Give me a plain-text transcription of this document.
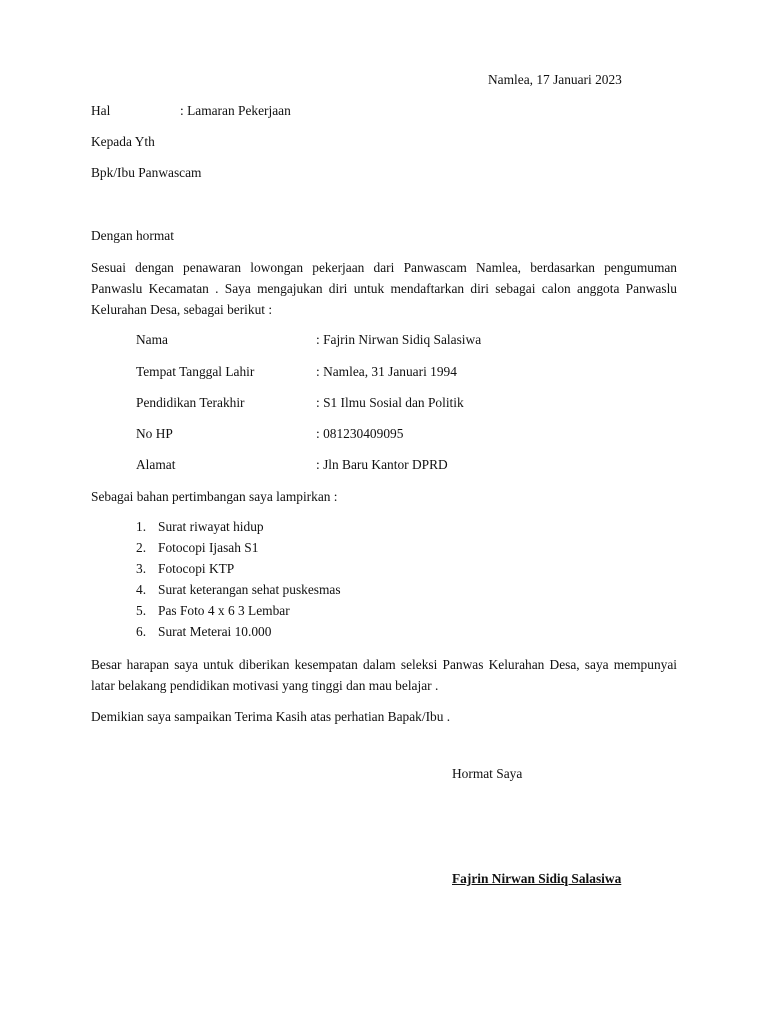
Namlea, 17 Januari 2023
Hal	: Lamaran Pekerjaan
Kepada Yth
Bpk/Ibu Panwascam
Dengan hormat
Sesuai dengan penawaran lowongan pekerjaan dari Panwascam Namlea, berdasarkan pengumuman Panwaslu Kecamatan . Saya mengajukan diri untuk mendaftarkan diri sebagai calon anggota Panwaslu Kelurahan Desa, sebagai berikut :
Nama	: Fajrin Nirwan Sidiq Salasiwa
Tempat Tanggal Lahir	: Namlea, 31 Januari 1994
Pendidikan Terakhir	: S1 Ilmu Sosial dan Politik
No HP	: 081230409095
Alamat	: Jln Baru Kantor DPRD
Sebagai bahan pertimbangan saya lampirkan :
1. Surat riwayat hidup
2. Fotocopi Ijasah S1
3. Fotocopi KTP
4. Surat keterangan sehat puskesmas
5. Pas Foto 4 x 6 3 Lembar
6. Surat Meterai 10.000
Besar harapan saya untuk diberikan kesempatan dalam seleksi Panwas Kelurahan Desa, saya mempunyai latar belakang pendidikan motivasi yang tinggi dan mau belajar .
Demikian saya sampaikan Terima Kasih atas perhatian Bapak/Ibu .
Hormat Saya
Fajrin Nirwan Sidiq Salasiwa
